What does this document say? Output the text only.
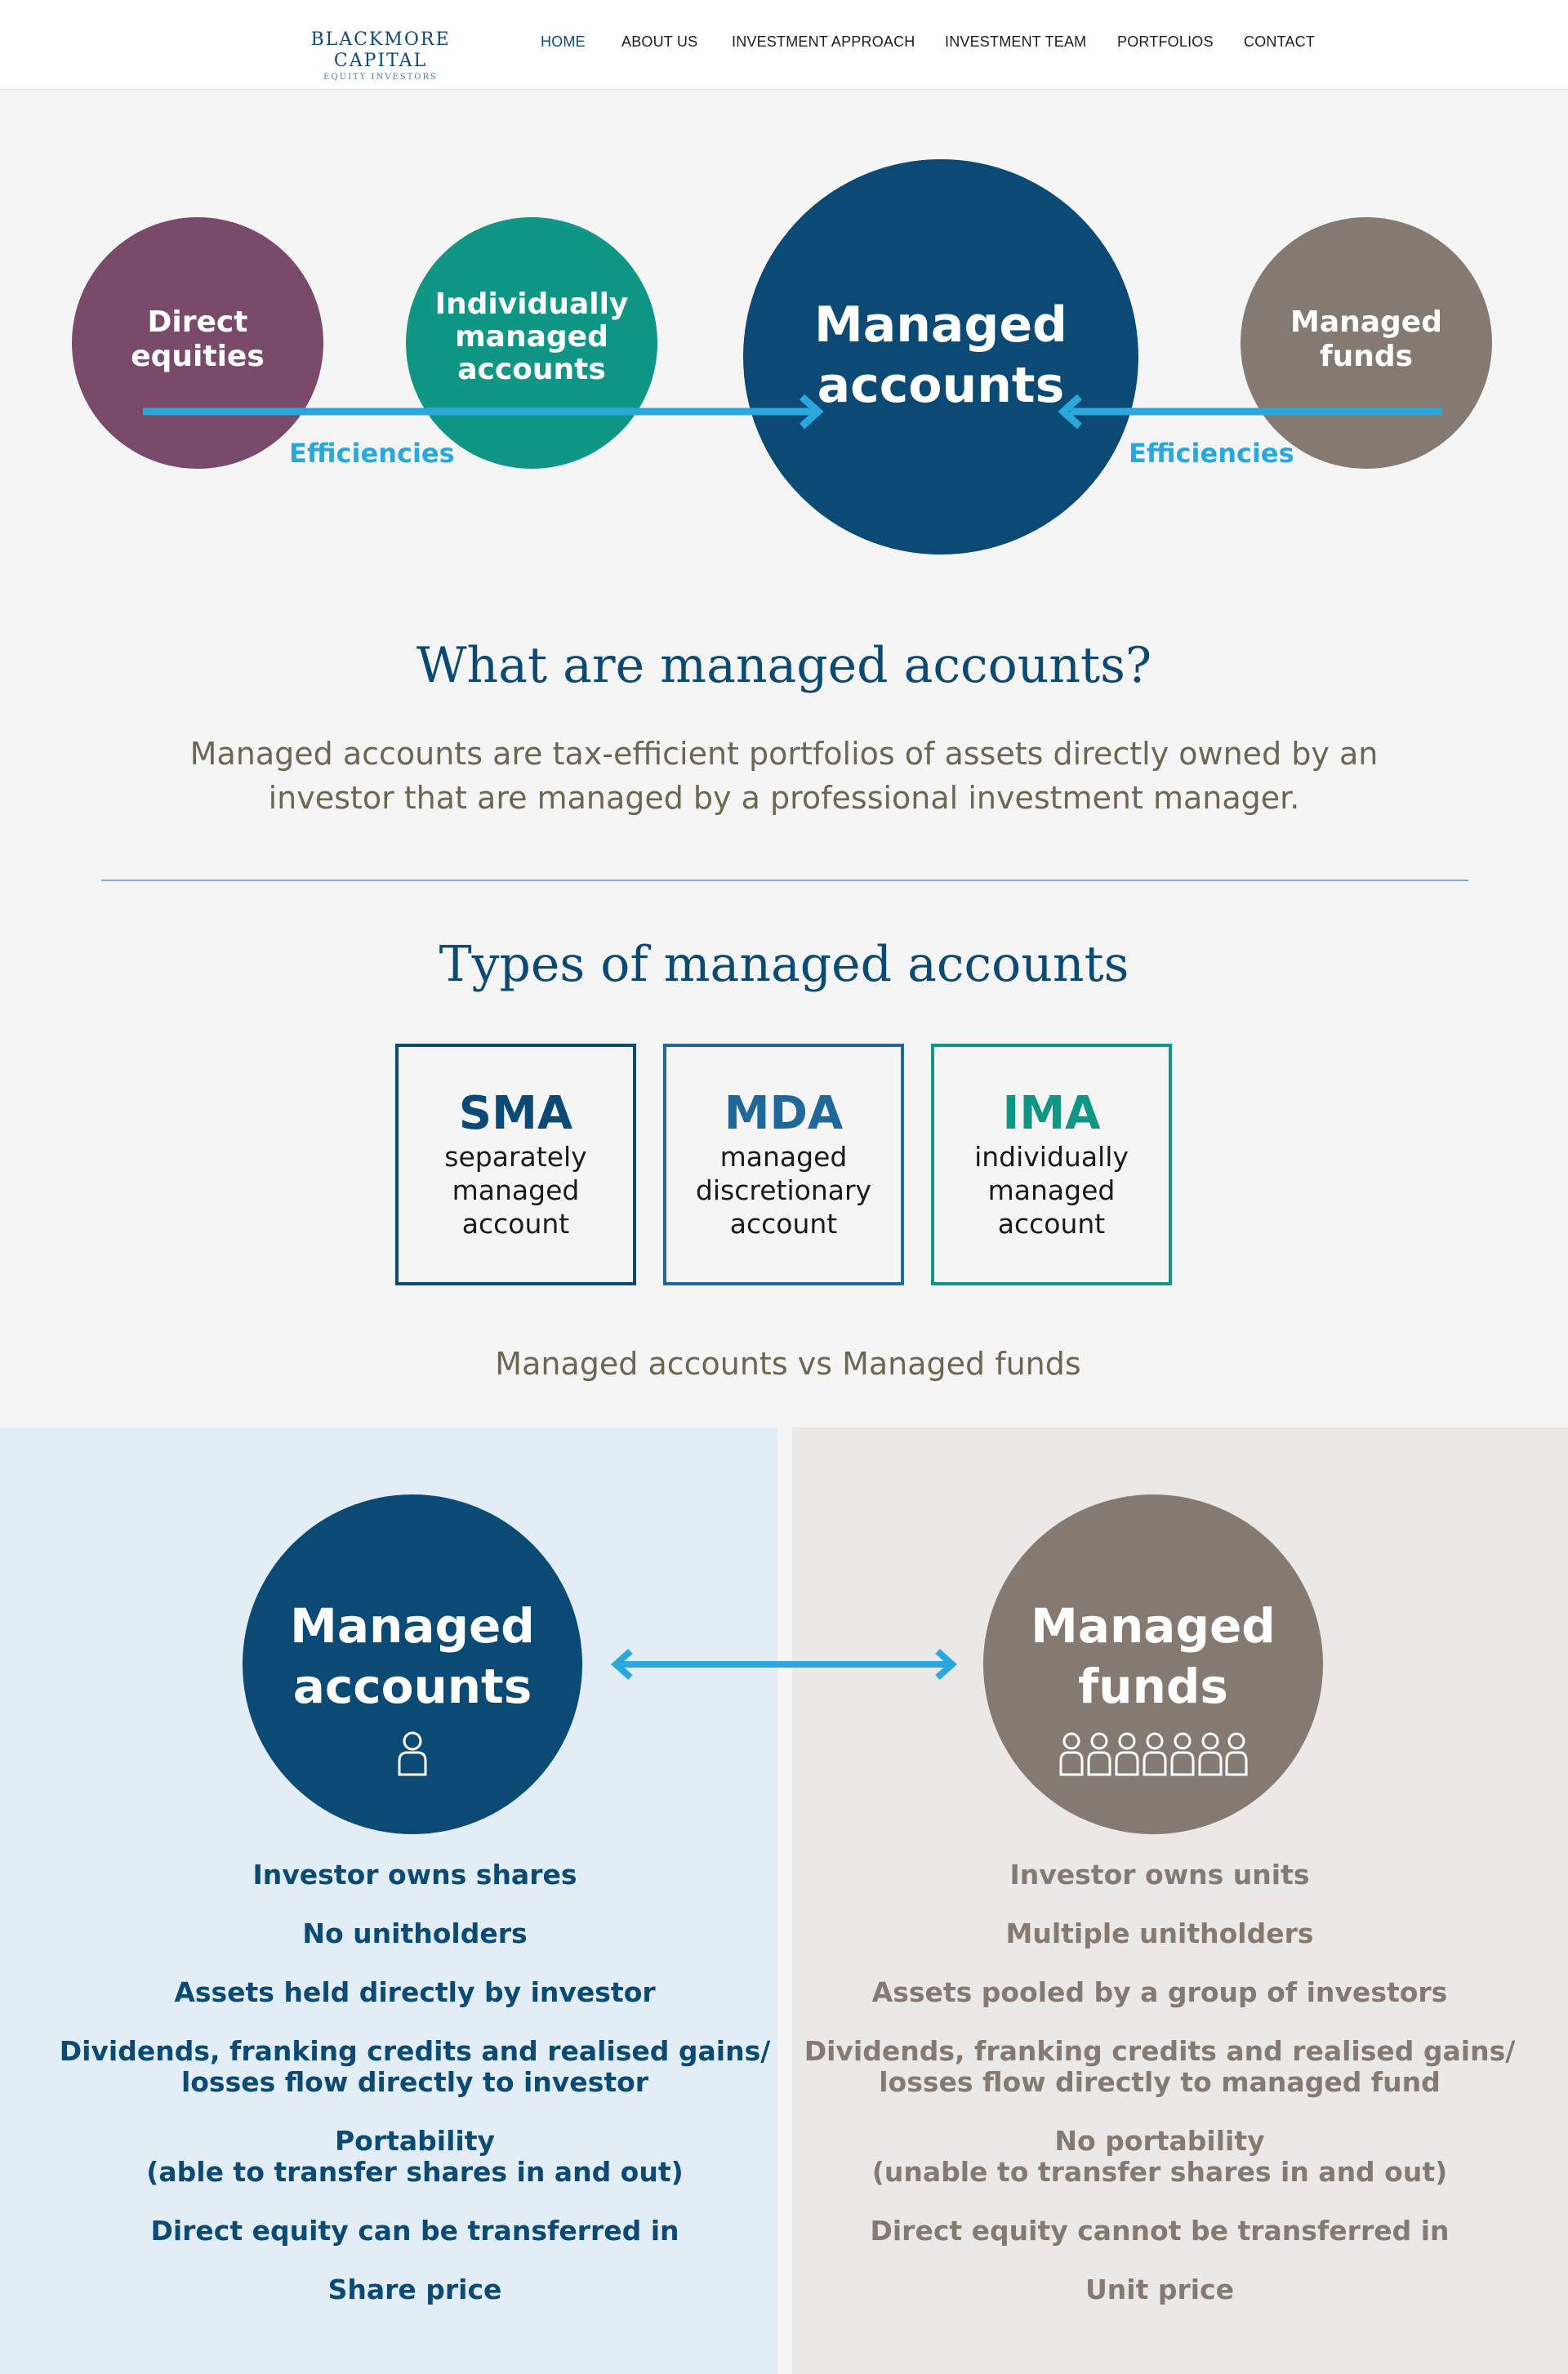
BLACKMORE CAPITAL
EQUITY INVESTORS
HOME ABOUT US INVESTMENT APPROACH INVESTMENT TEAM PORTFOLIOS CONTACT
Direct
equities
Individually
managed
accounts
Managed
accounts
Managed
funds
Efficiencies	Efficiencies
What are managed accounts?
Managed accounts are tax-efficient portfolios of assets directly owned by an investor that are managed by a professional investment manager.
Types of managed accounts
SMA
separately
managed
account
MDA
managed
discretionary
account
IMA
individually
managed
account
Managed accounts vs Managed funds
Managed
accounts
Managed
funds
Investor owns shares
No unitholders
Assets held directly by investor
Dividends, franking credits and realised gains/
losses flow directly to investor
Portability
(able to transfer shares in and out)
Direct equity can be transferred in
Share price
Investor owns units
Multiple unitholders
Assets pooled by a group of investors
Dividends, franking credits and realised gains/
losses flow directly to managed fund
No portability
(unable to transfer shares in and out)
Direct equity cannot be transferred in
Unit price
